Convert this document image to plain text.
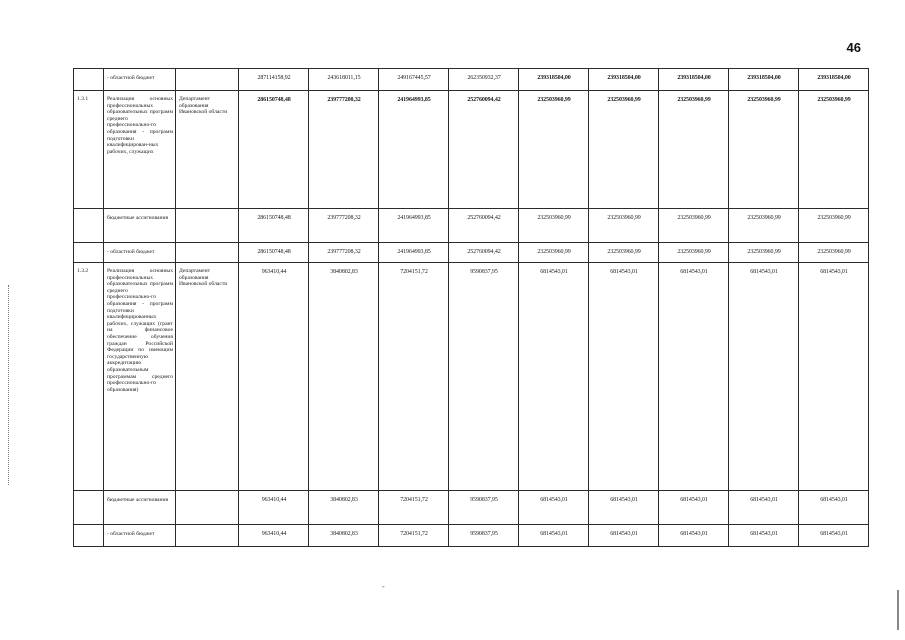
46
-
	- областной бюджет		287114158,92	243618011,15	249167445,57	262350932,37	239318504,00	239318504,00	239318504,00	239318504,00	239318504,00
1.3.1	Реализация основных профессиональных образовательных программ среднего профессионально-го образования - программ подготовки квалифицирован-ных рабочих, служащих	Департамент образования Ивановской области	286150748,48	239777208,32	241964993,85	252760094,42	232503960,99	232503960,99	232503960,99	232503960,99	232503960,99
	бюджетные ассигнования		286150748,48	239777208,32	241964993,85	252760094,42	232503960,99	232503960,99	232503960,99	232503960,99	232503960,99
	- областной бюджет		286150748,48	239777208,32	241964993,85	252760094,42	232503960,99	232503960,99	232503960,99	232503960,99	232503960,99
1.3.2	Реализация основных профессиональных образовательных программ среднего профессионально-го образования - программ подготовки квалифицированных рабочих, служащих (грант на финансовое обеспечение обучения граждан Российской Федерации по имеющим государственную аккредитацию образовательным программам среднего профессионально-го образования)	Департамент образования Ивановской области	963410,44	3840802,83	7204151,72	9590837,95	6814543,01	6814543,01	6814543,01	6814543,01	6814543,01
	бюджетные ассигнования		963410,44	3840802,83	7204151,72	9590837,95	6814543,01	6814543,01	6814543,01	6814543,01	6814543,01
	- областной бюджет		963410,44	3840802,83	7204151,72	9590837,95	6814543,01	6814543,01	6814543,01	6814543,01	6814543,01
